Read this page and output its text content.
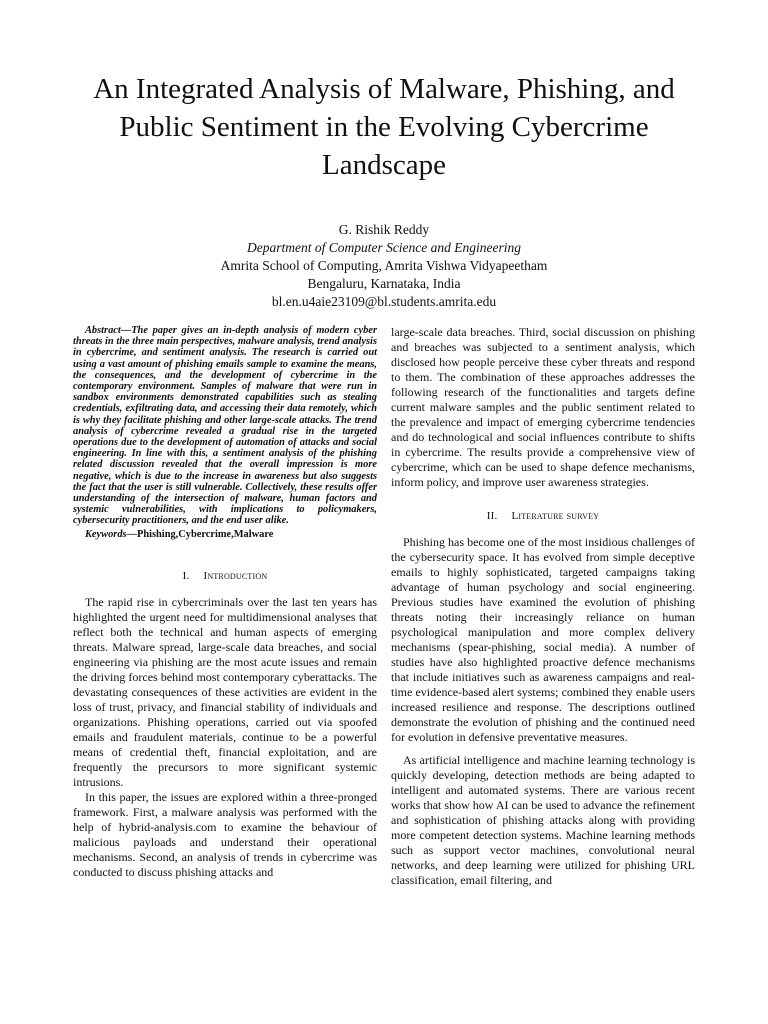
An Integrated Analysis of Malware, Phishing, and
Public Sentiment in the Evolving Cybercrime
Landscape
G. Rishik Reddy
Department of Computer Science and Engineering
Amrita School of Computing, Amrita Vishwa Vidyapeetham
Bengaluru, Karnataka, India
bl.en.u4aie23109@bl.students.amrita.edu

Abstract—The paper gives an in-depth analysis of modern cyber threats in the three main perspectives, malware analysis, trend analysis in cybercrime, and sentiment analysis. The research is carried out using a vast amount of phishing emails sample to examine the means, the consequences, and the development of cybercrime in the contemporary environment. Samples of malware that were run in sandbox environments demonstrated capabilities such as stealing credentials, exfiltrating data, and accessing their data remotely, which is why they facilitate phishing and other large-scale attacks. The trend analysis of cybercrime revealed a gradual rise in the targeted operations due to the development of automation of attacks and social engineering. In line with this, a sentiment analysis of the phishing related discussion revealed that the overall impression is more negative, which is due to the increase in awareness but also suggests the fact that the user is still vulnerable. Collectively, these results offer understanding of the intersection of malware, human factors and systemic vulnerabilities, with implications to policymakers, cybersecurity practitioners, and the end user alike.

Keywords—Phishing,Cybercrime,Malware

I. Introduction

The rapid rise in cybercriminals over the last ten years has highlighted the urgent need for multidimensional analyses that reflect both the technical and human aspects of emerging threats. Malware spread, large-scale data breaches, and social engineering via phishing are the most acute issues and remain the driving forces behind most contemporary cyberattacks. The devastating consequences of these activities are evident in the loss of trust, privacy, and financial stability of individuals and organizations. Phishing operations, carried out via spoofed emails and fraudulent materials, continue to be a powerful means of credential theft, financial exploitation, and are frequently the precursors to more significant systemic intrusions.

In this paper, the issues are explored within a three-pronged framework. First, a malware analysis was performed with the help of hybrid-analysis.com to examine the behaviour of malicious payloads and understand their operational mechanisms. Second, an analysis of trends in cybercrime was conducted to discuss phishing attacks and

large-scale data breaches. Third, social discussion on phishing and breaches was subjected to a sentiment analysis, which disclosed how people perceive these cyber threats and respond to them. The combination of these approaches addresses the following research of the functionalities and targets define current malware samples and the public sentiment related to the prevalence and impact of emerging cybercrime tendencies and do technological and social influences contribute to shifts in cybercrime. The results provide a comprehensive view of cybercrime, which can be used to shape defence mechanisms, inform policy, and improve user awareness strategies.

II. Literature survey

Phishing has become one of the most insidious challenges of the cybersecurity space. It has evolved from simple deceptive emails to highly sophisticated, targeted campaigns taking advantage of human psychology and social engineering. Previous studies have examined the evolution of phishing threats noting their increasingly reliance on human psychological manipulation and more complex delivery mechanisms (spear-phishing, social media). A number of studies have also highlighted proactive defence mechanisms that include initiatives such as awareness campaigns and real-time evidence-based alert systems; combined they enable users increased resilience and response. The descriptions outlined demonstrate the evolution of phishing and the continued need for evolution in defensive preventative measures.

As artificial intelligence and machine learning technology is quickly developing, detection methods are being adapted to intelligent and automated systems. There are various recent works that show how AI can be used to advance the refinement and sophistication of phishing attacks along with providing more competent detection systems. Machine learning methods such as support vector machines, convolutional neural networks, and deep learning were utilized for phishing URL classification, email filtering, and
